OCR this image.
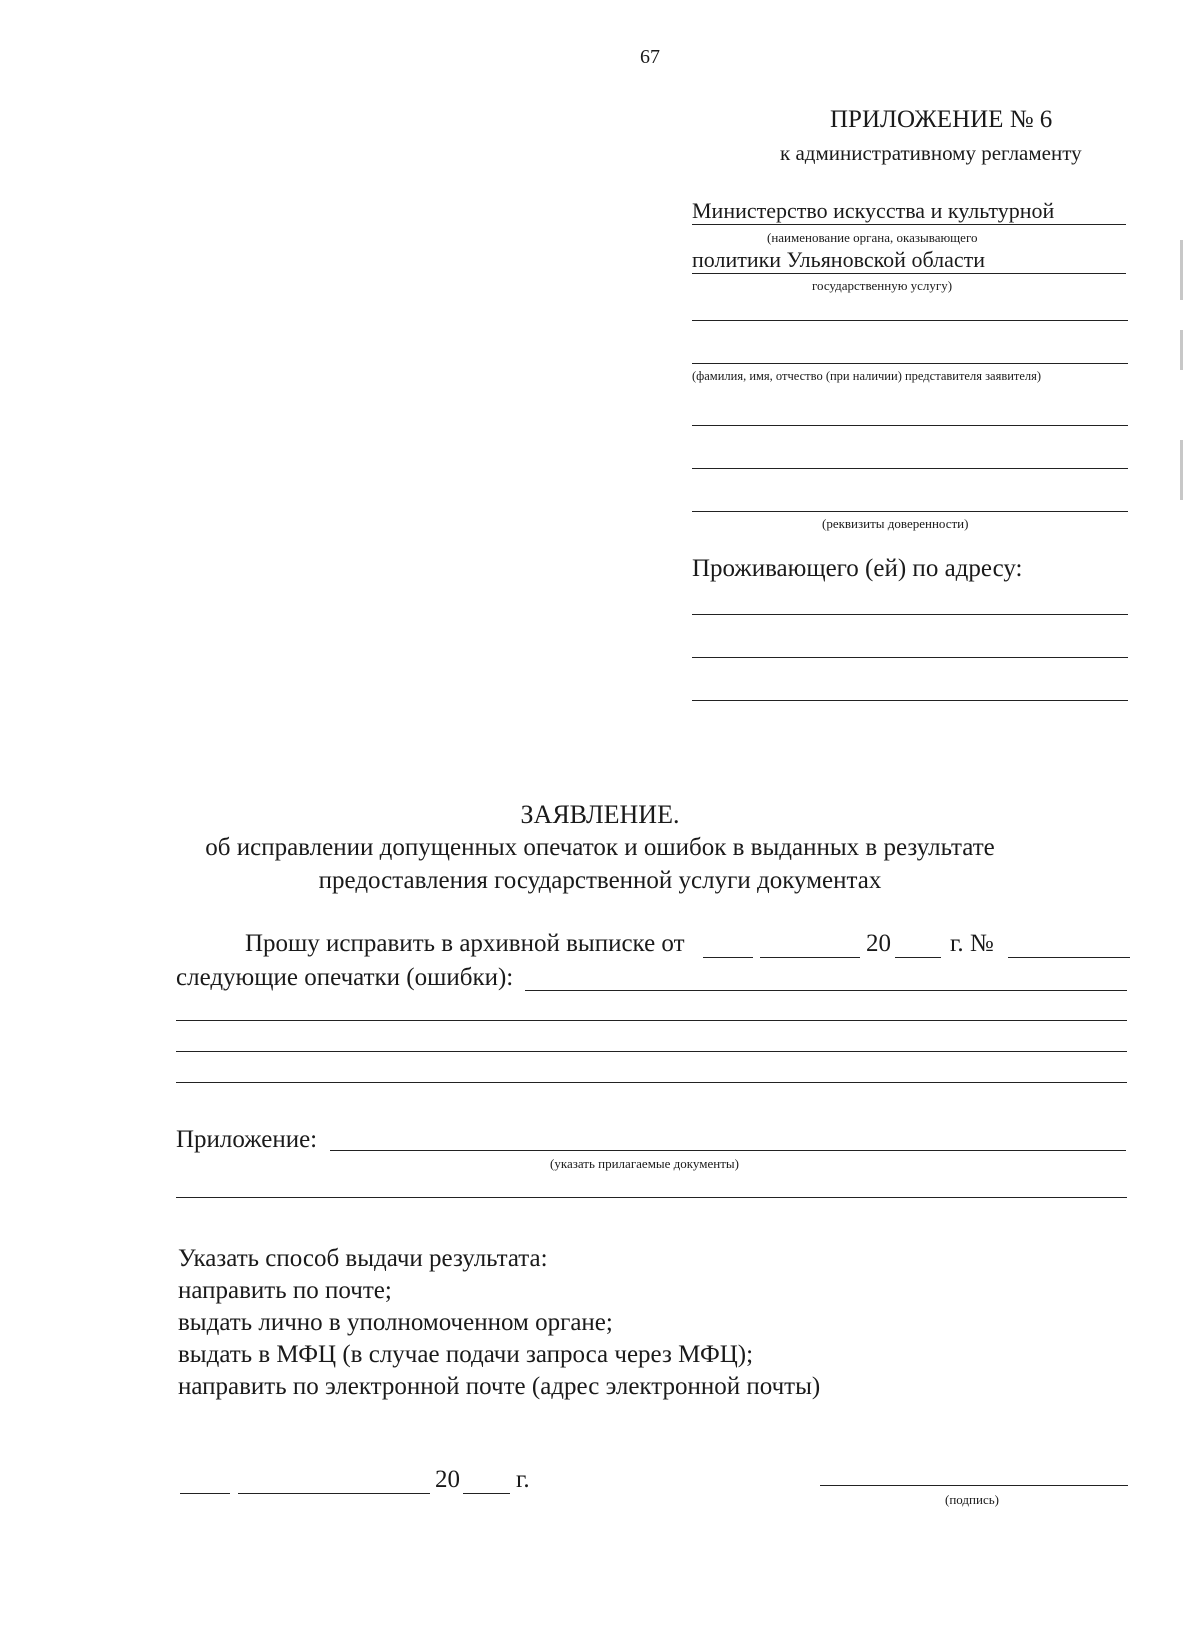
67
ПРИЛОЖЕНИЕ № 6
к административному регламенту
Министерство искусства и культурной
(наименование органа, оказывающего
политики Ульяновской области
государственную услугу)
(фамилия, имя, отчество (при наличии) представителя заявителя)
(реквизиты доверенности)
Проживающего (ей) по адресу:
ЗАЯВЛЕНИЕ.
об исправлении допущенных опечаток и ошибок в выданных в результате
предоставления государственной услуги документах
Прошу исправить в архивной выписке от	20 г. №
следующие опечатки (ошибки):
Приложение:
(указать прилагаемые документы)
Указать способ выдачи результата:
направить по почте;
выдать лично в уполномоченном органе;
выдать в МФЦ (в случае подачи запроса через МФЦ);
направить по электронной почте (адрес электронной почты)
20 г.
(подпись)
